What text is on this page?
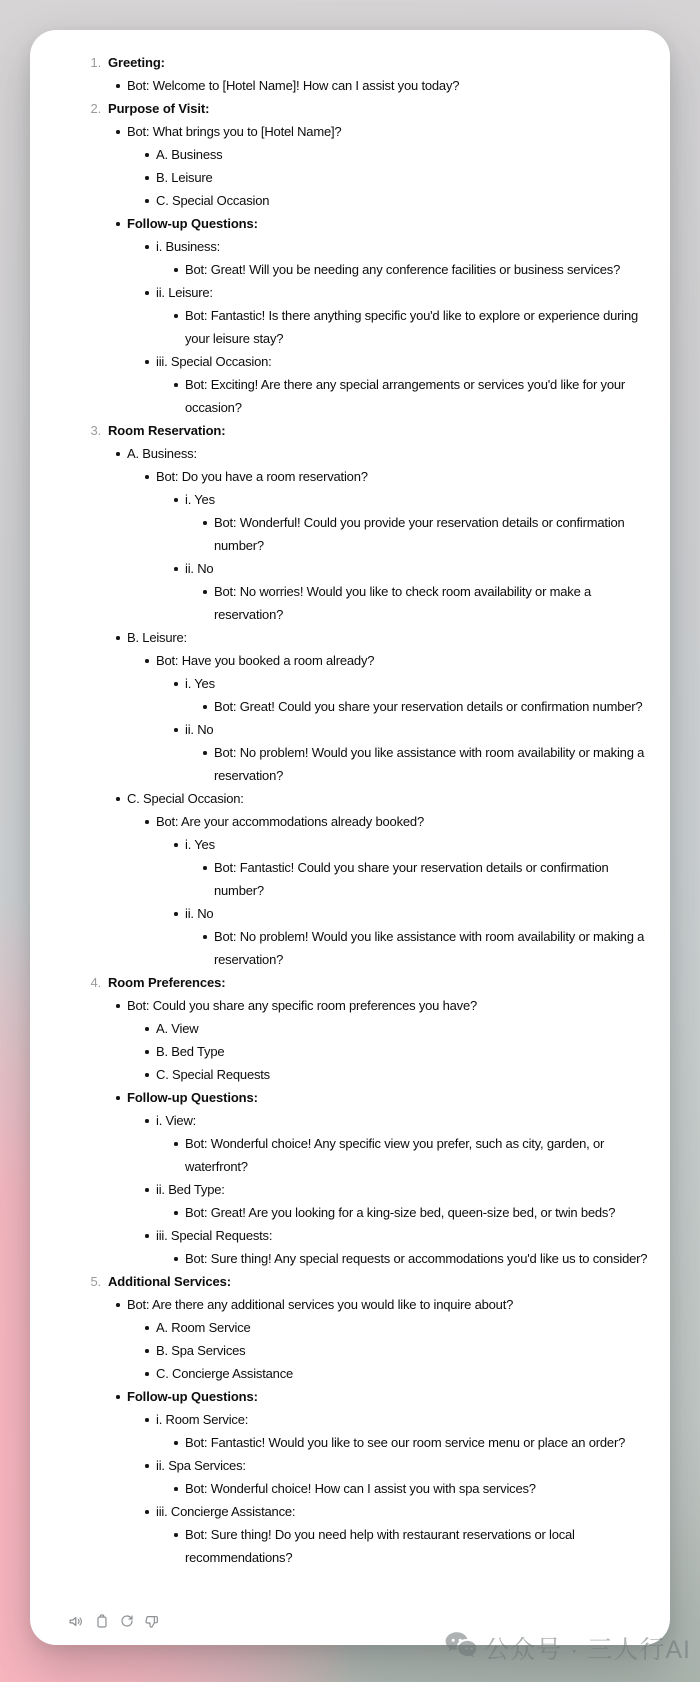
1. Greeting:
Bot: Welcome to [Hotel Name]! How can I assist you today?
2. Purpose of Visit:
Bot: What brings you to [Hotel Name]?
A. Business
B. Leisure
C. Special Occasion
Follow-up Questions:
i. Business:
Bot: Great! Will you be needing any conference facilities or business services?
ii. Leisure:
Bot: Fantastic! Is there anything specific you'd like to explore or experience during your leisure stay?
iii. Special Occasion:
Bot: Exciting! Are there any special arrangements or services you'd like for your occasion?
3. Room Reservation:
A. Business:
Bot: Do you have a room reservation?
i. Yes
Bot: Wonderful! Could you provide your reservation details or confirmation number?
ii. No
Bot: No worries! Would you like to check room availability or make a reservation?
B. Leisure:
Bot: Have you booked a room already?
i. Yes
Bot: Great! Could you share your reservation details or confirmation number?
ii. No
Bot: No problem! Would you like assistance with room availability or making a reservation?
C. Special Occasion:
Bot: Are your accommodations already booked?
i. Yes
Bot: Fantastic! Could you share your reservation details or confirmation number?
ii. No
Bot: No problem! Would you like assistance with room availability or making a reservation?
4. Room Preferences:
Bot: Could you share any specific room preferences you have?
A. View
B. Bed Type
C. Special Requests
Follow-up Questions:
i. View:
Bot: Wonderful choice! Any specific view you prefer, such as city, garden, or waterfront?
ii. Bed Type:
Bot: Great! Are you looking for a king-size bed, queen-size bed, or twin beds?
iii. Special Requests:
Bot: Sure thing! Any special requests or accommodations you'd like us to consider?
5. Additional Services:
Bot: Are there any additional services you would like to inquire about?
A. Room Service
B. Spa Services
C. Concierge Assistance
Follow-up Questions:
i. Room Service:
Bot: Fantastic! Would you like to see our room service menu or place an order?
ii. Spa Services:
Bot: Wonderful choice! How can I assist you with spa services?
iii. Concierge Assistance:
Bot: Sure thing! Do you need help with restaurant reservations or local recommendations?
公众号 · 三人行AI
